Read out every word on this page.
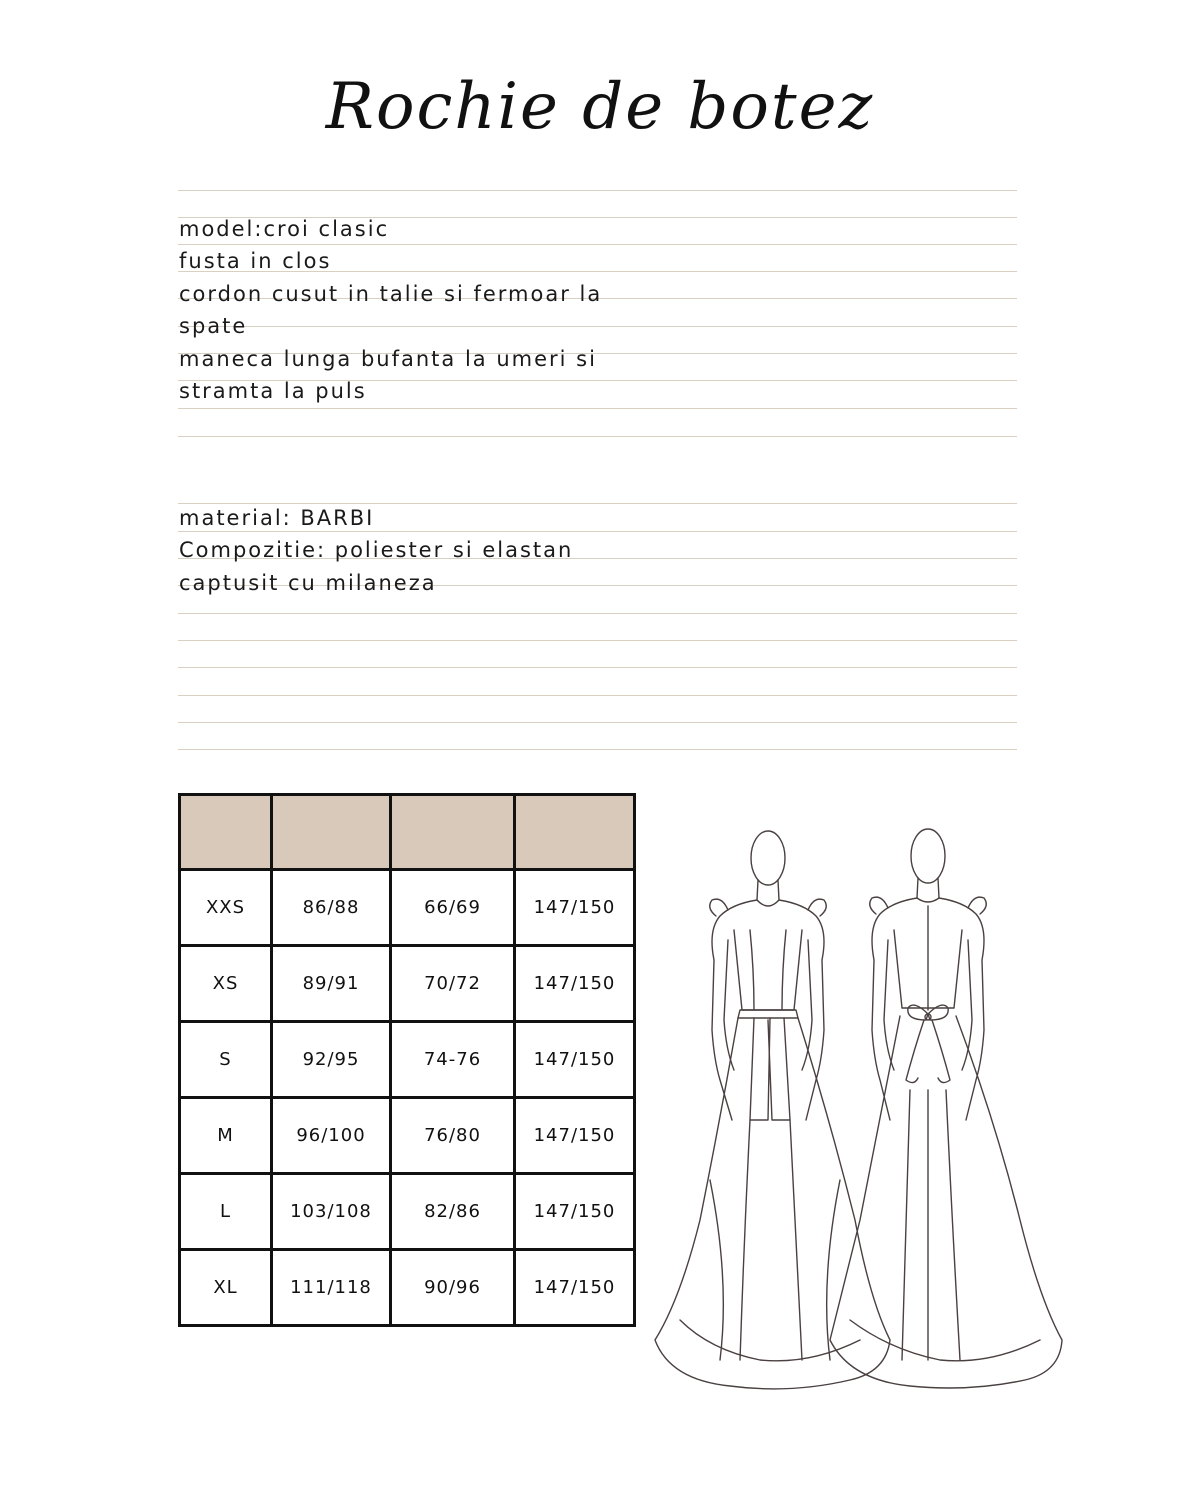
Rochie de botez

model:croi clasic

fusta in clos

cordon cusut in talie si fermoar la

spate

maneca lunga bufanta la umeri si

stramta la puls

material: BARBI

Compozitie: poliester si elastan

captusit cu milaneza

XXS	86/88	66/69	147/150
XS	89/91	70/72	147/150
S	92/95	74-76	147/150
M	96/100	76/80	147/150
L	103/108	82/86	147/150
XL	111/118	90/96	147/150
